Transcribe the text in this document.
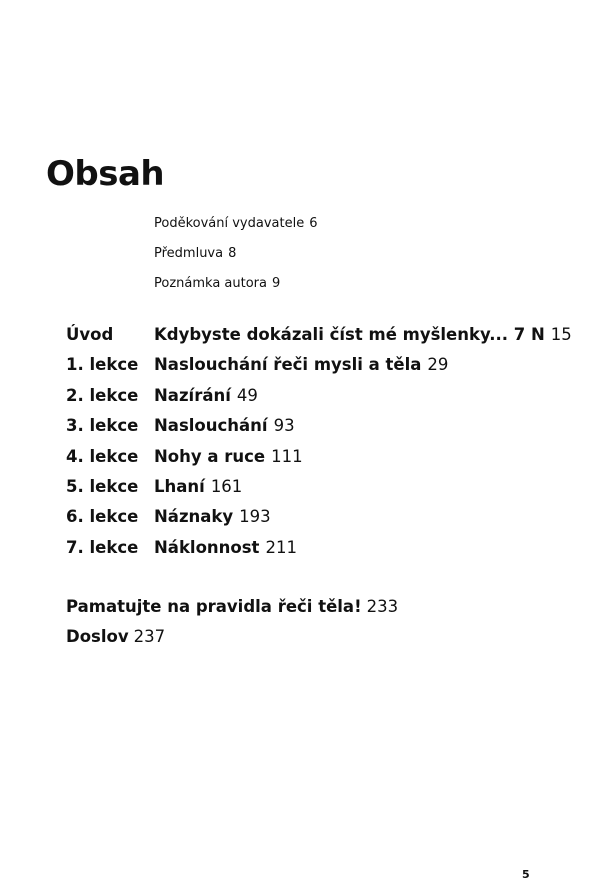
Obsah
Poděkování vydavatele 6
Předmluva 8
Poznámka autora 9
Úvod	Kdybyste dokázali číst mé myšlenky... 7 N 15
1. lekce Naslouchání řeči mysli a těla 29
2. lekce Nazírání 49
3. lekce Naslouchání 93
4. lekce Nohy a ruce 111
5. lekce Lhaní 161
6. lekce Náznaky 193
7. lekce Náklonnost 211
Pamatujte na pravidla řeči těla! 233
Doslov 237
5
